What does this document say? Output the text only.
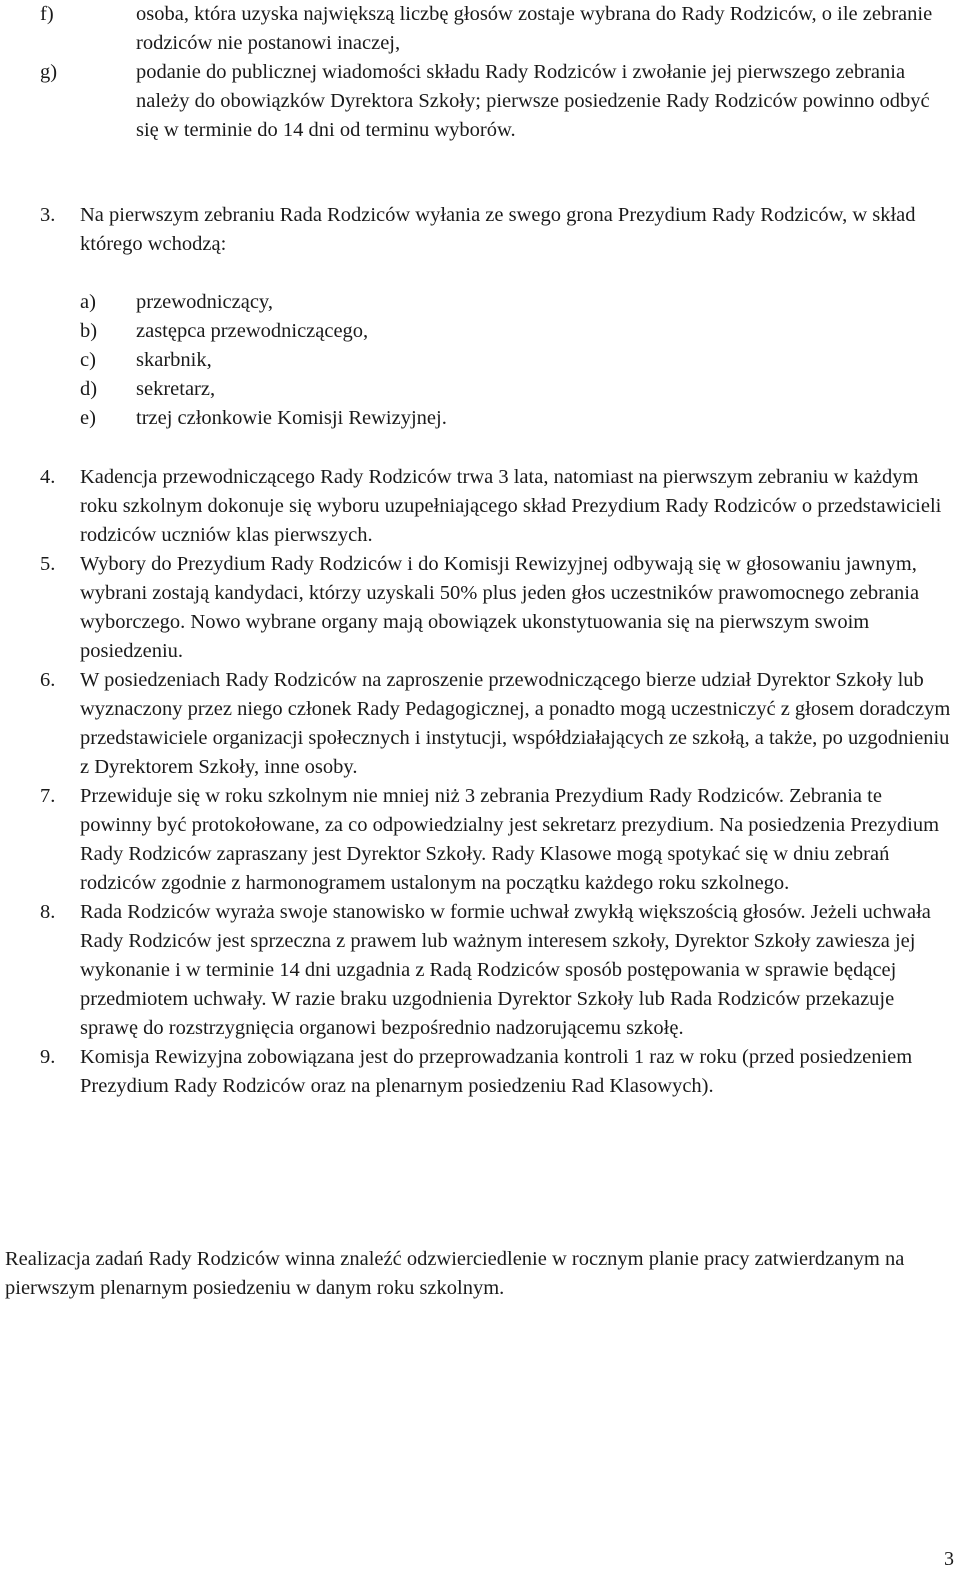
f)	osoba, która uzyska największą liczbę głosów zostaje wybrana do Rady Rodziców, o ile zebranie rodziców nie postanowi inaczej,
g)	podanie do publicznej wiadomości składu Rady Rodziców i zwołanie jej pierwszego zebrania należy do obowiązków Dyrektora Szkoły; pierwsze posiedzenie Rady Rodziców powinno odbyć się w terminie do 14 dni od terminu wyborów.
3.	Na pierwszym zebraniu Rada Rodziców wyłania ze swego grona Prezydium Rady Rodziców, w skład którego wchodzą:
a)	przewodniczący,
b)	zastępca przewodniczącego,
c)	skarbnik,
d)	sekretarz,
e)	trzej członkowie Komisji Rewizyjnej.
4.	Kadencja przewodniczącego Rady Rodziców trwa 3 lata, natomiast na pierwszym zebraniu w każdym roku szkolnym dokonuje się wyboru uzupełniającego skład Prezydium Rady Rodziców o przedstawicieli rodziców uczniów klas pierwszych.
5.	Wybory do Prezydium Rady Rodziców i do Komisji Rewizyjnej odbywają się w głosowaniu jawnym, wybrani zostają kandydaci, którzy uzyskali 50% plus jeden głos uczestników prawomocnego zebrania wyborczego. Nowo wybrane organy mają obowiązek ukonstytuowania się na pierwszym swoim posiedzeniu.
6.	W posiedzeniach Rady Rodziców na zaproszenie przewodniczącego bierze udział Dyrektor Szkoły lub wyznaczony przez niego członek Rady Pedagogicznej, a ponadto mogą uczestniczyć z głosem doradczym przedstawiciele organizacji społecznych i instytucji, współdziałających ze szkołą, a także, po uzgodnieniu z Dyrektorem Szkoły, inne osoby.
7.	Przewiduje się w roku szkolnym nie mniej niż 3 zebrania Prezydium Rady Rodziców. Zebrania te powinny być protokołowane, za co odpowiedzialny jest sekretarz prezydium. Na posiedzenia Prezydium Rady Rodziców zapraszany jest Dyrektor Szkoły. Rady Klasowe mogą spotykać się w dniu zebrań rodziców zgodnie z harmonogramem ustalonym na początku każdego roku szkolnego.
8.	Rada Rodziców wyraża swoje stanowisko w formie uchwał zwykłą większością głosów. Jeżeli uchwała Rady Rodziców jest sprzeczna z prawem lub ważnym interesem szkoły, Dyrektor Szkoły zawiesza jej wykonanie i w terminie 14 dni uzgadnia z Radą Rodziców sposób postępowania w sprawie będącej przedmiotem uchwały. W razie braku uzgodnienia Dyrektor Szkoły lub Rada Rodziców przekazuje sprawę do rozstrzygnięcia organowi bezpośrednio nadzorującemu szkołę.
9.	Komisja Rewizyjna zobowiązana jest do przeprowadzania kontroli 1 raz w roku (przed posiedzeniem Prezydium Rady Rodziców oraz na plenarnym posiedzeniu Rad Klasowych).
Realizacja zadań Rady Rodziców winna znaleźć odzwierciedlenie w rocznym planie pracy zatwierdzanym na pierwszym plenarnym posiedzeniu w danym roku szkolnym.
3
